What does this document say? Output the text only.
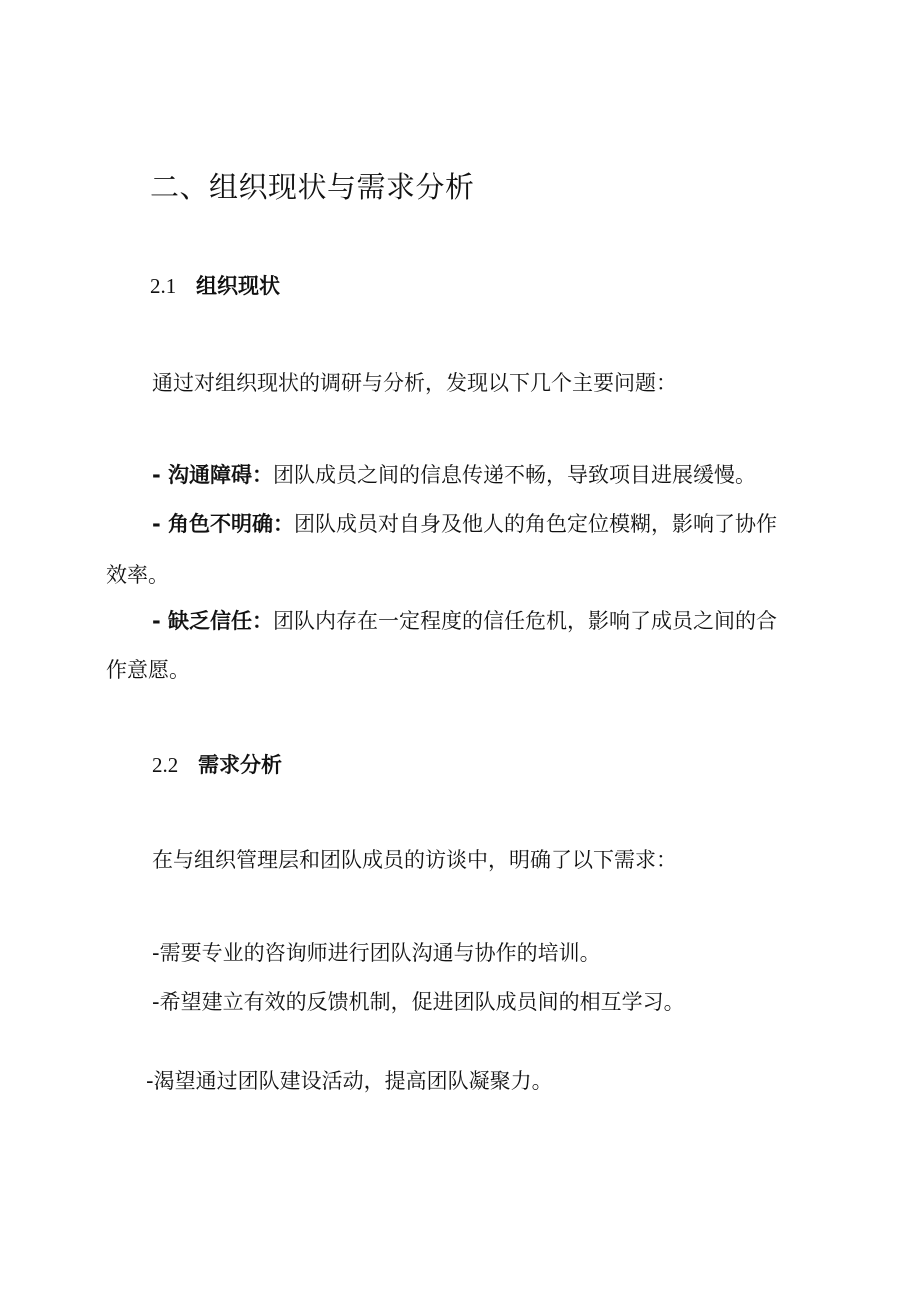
二、组织现状与需求分析
2.1 组织现状
通过对组织现状的调研与分析，发现以下几个主要问题：
- 沟通障碍：团队成员之间的信息传递不畅，导致项目进展缓慢。
- 角色不明确：团队成员对自身及他人的角色定位模糊，影响了协作
效率。
- 缺乏信任：团队内存在一定程度的信任危机，影响了成员之间的合
作意愿。
2.2 需求分析
在与组织管理层和团队成员的访谈中，明确了以下需求：
-需要专业的咨询师进行团队沟通与协作的培训。
-希望建立有效的反馈机制，促进团队成员间的相互学习。
-渴望通过团队建设活动，提高团队凝聚力。
